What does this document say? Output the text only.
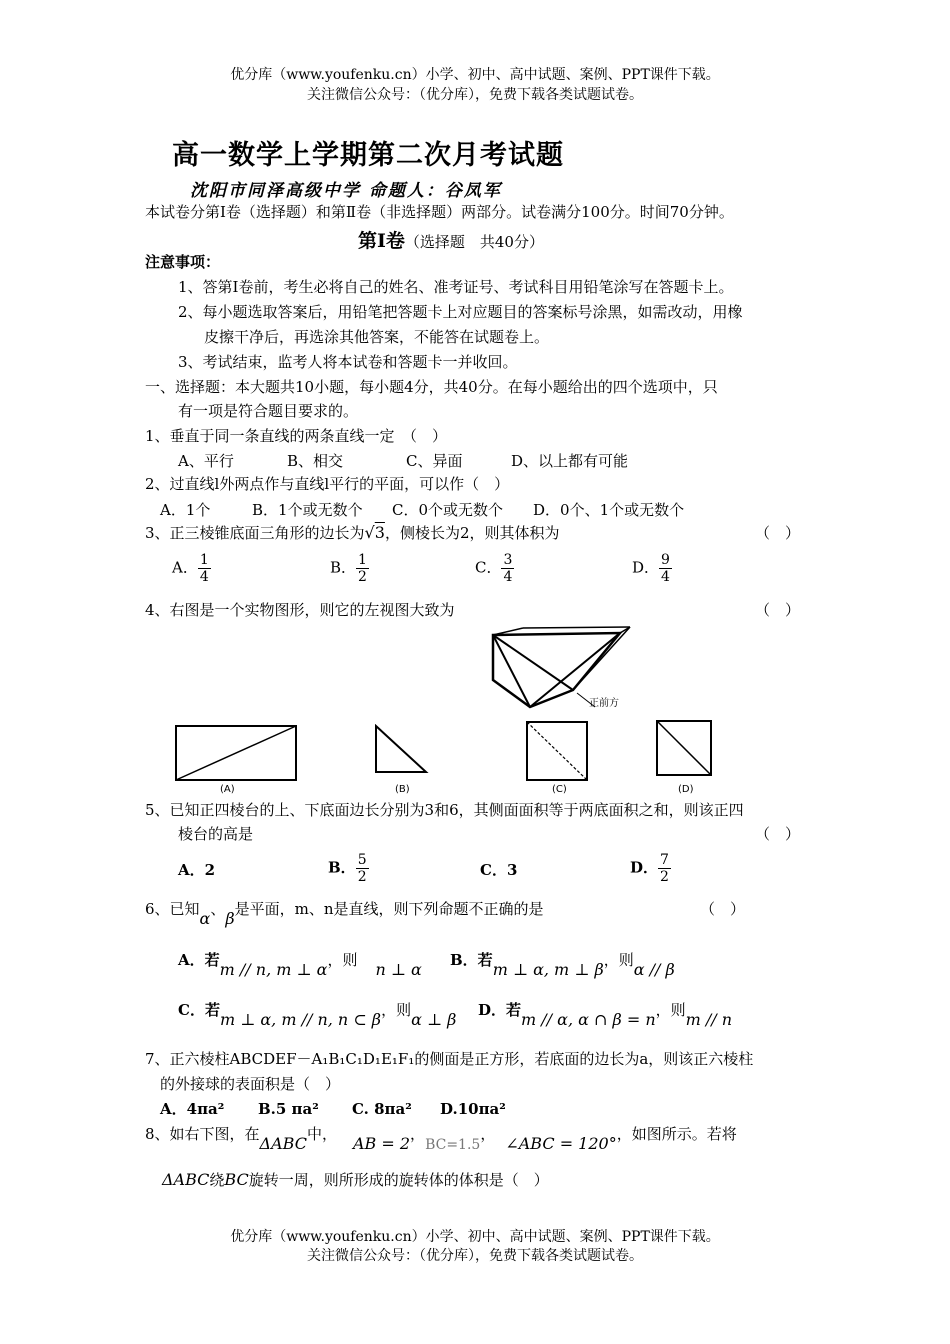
优分库（www.youfenku.cn）小学、初中、高中试题、案例、PPT课件下载。
关注微信公众号：（优分库），免费下载各类试题试卷。
高一数学上学期第二次月考试题
沈阳市同泽高级中学 命题人：谷凤军
本试卷分第Ⅰ卷（选择题）和第Ⅱ卷（非选择题）两部分。试卷满分100分。时间70分钟。
第Ⅰ卷（选择题　共40分）
注意事项：
1、答第Ⅰ卷前，考生必将自己的姓名、准考证号、考试科目用铅笔涂写在答题卡上。
2、每小题选取答案后，用铅笔把答题卡上对应题目的答案标号涂黑，如需改动，用橡
皮擦干净后，再选涂其他答案，不能答在试题卷上。
3、考试结束，监考人将本试卷和答题卡一并收回。
一、选择题：本大题共10小题，每小题4分，共40分。在每小题给出的四个选项中，只
有一项是符合题目要求的。
1、垂直于同一条直线的两条直线一定　（　）
A、平行	B、相交	C、异面	D、以上都有可能
2、过直线l外两点作与直线l平行的平面，可以作（　）
A．1个	B．1个或无数个 C．0个或无数个 D．0个、1个或无数个
3、正三棱锥底面三角形的边长为√3，侧棱长为2，则其体积为	（　）
A． $\frac{1}{4}$	B． $\frac{1}{2}$	C． $\frac{3}{4}$	D． $\frac{9}{4}$
4、右图是一个实物图形，则它的左视图大致为	（　）
正前方
(A)	(B)	(C)	(D)
5、已知正四棱台的上、下底面边长分别为3和6，其侧面面积等于两底面积之和，则该正四
棱台的高是	（　）
A．2	B． $\frac{5}{2}$	C．3	D． $\frac{7}{2}$
6、已知α、β是平面，m、n是直线，则下列命题不正确的是	（　）
A．若m // n, m ⊥ α，则 n ⊥ α B．若m ⊥ α, m ⊥ β，则α // β
C．若m ⊥ α, m // n, n ⊂ β，则α ⊥ β D．若m // α, α ∩ β = n，则m // n
7、正六棱柱ABCDEF－A₁B₁C₁D₁E₁F₁的侧面是正方形，若底面的边长为a，则该正六棱柱
的外接球的表面积是（　）
A．4πa² B.5 πa² C. 8πa² D.10πa²
8、如右下图，在ΔABC中， AB = 2，BC=1.5， ∠ABC = 120°，如图所示。若将
ΔABC绕BC旋转一周，则所形成的旋转体的体积是（　）
优分库（www.youfenku.cn）小学、初中、高中试题、案例、PPT课件下载。
关注微信公众号：（优分库），免费下载各类试题试卷。
